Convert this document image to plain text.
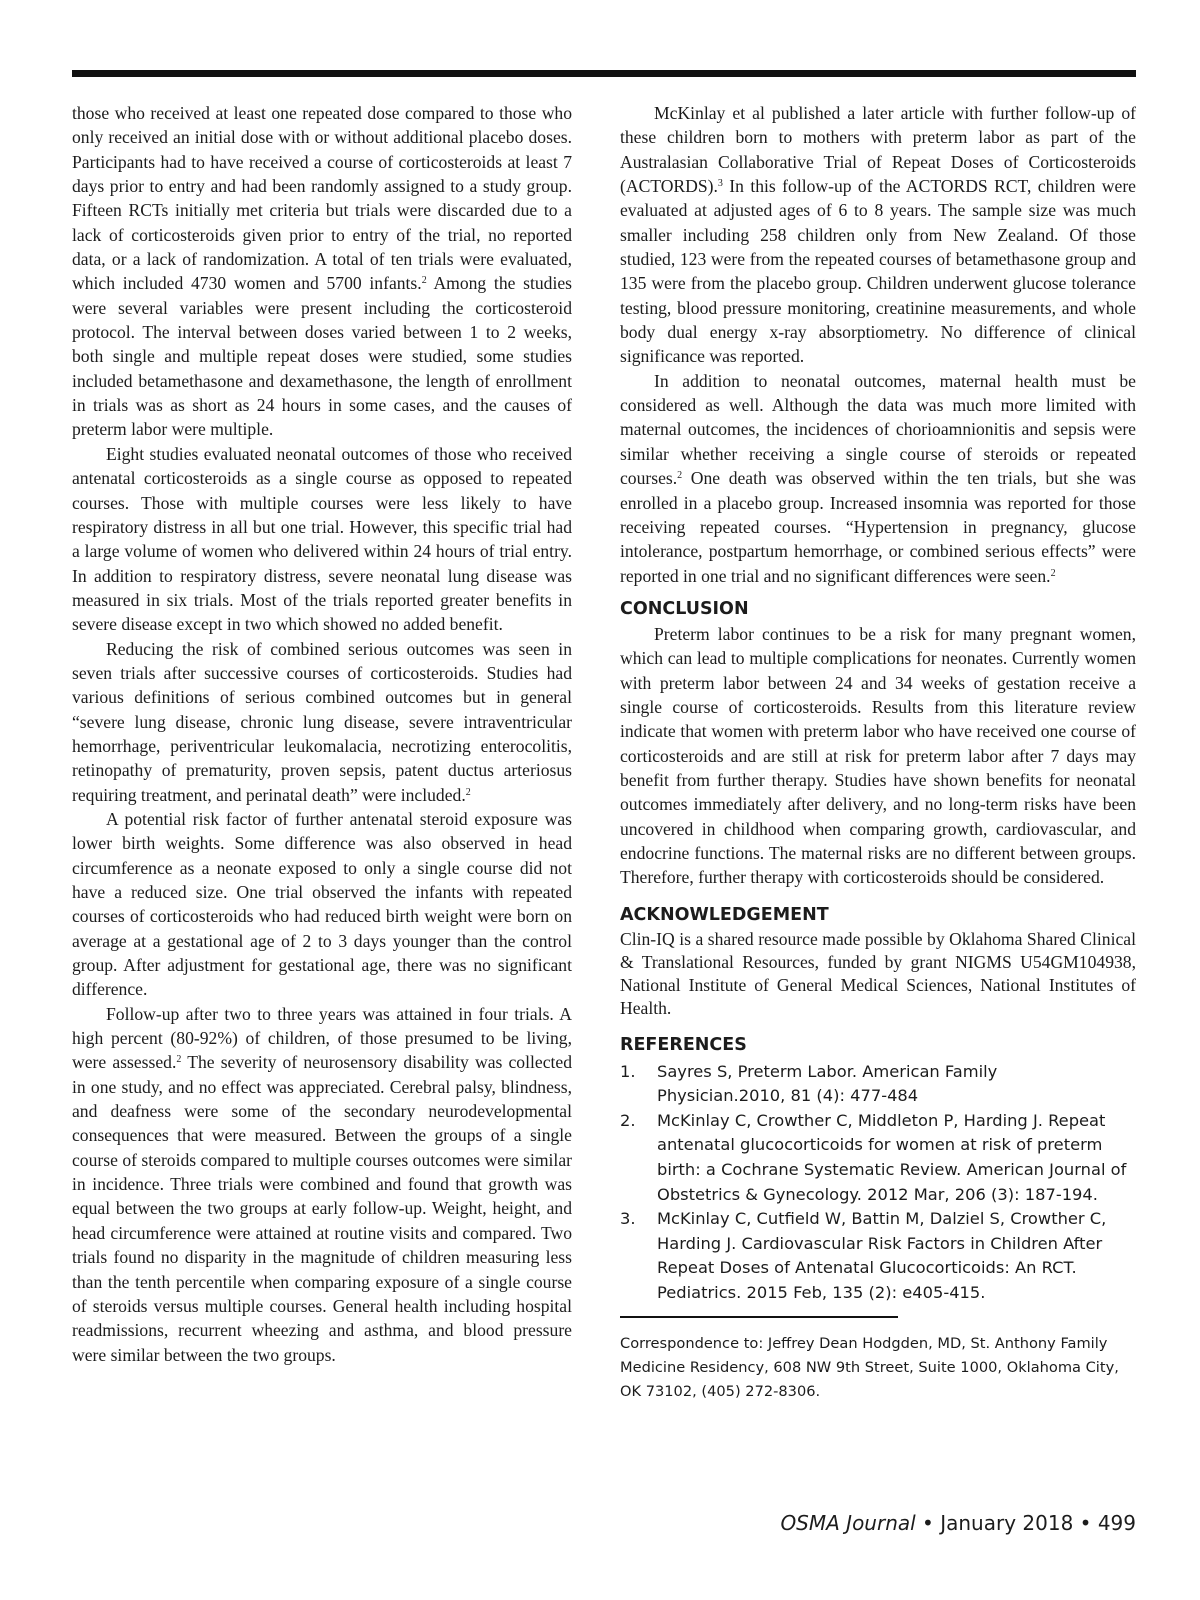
those who received at least one repeated dose compared to those who only received an initial dose with or without additional placebo doses. Participants had to have received a course of corticosteroids at least 7 days prior to entry and had been randomly assigned to a study group. Fifteen RCTs initially met criteria but trials were discarded due to a lack of corticosteroids given prior to entry of the trial, no reported data, or a lack of randomization. A total of ten trials were evaluated, which included 4730 women and 5700 infants.$^2$ Among the studies were several variables were present including the corticosteroid protocol. The interval between doses varied between 1 to 2 weeks, both single and multiple repeat doses were studied, some studies included betamethasone and dexamethasone, the length of enrollment in trials was as short as 24 hours in some cases, and the causes of preterm labor were multiple.

Eight studies evaluated neonatal outcomes of those who received antenatal corticosteroids as a single course as opposed to repeated courses. Those with multiple courses were less likely to have respiratory distress in all but one trial. However, this specific trial had a large volume of women who delivered within 24 hours of trial entry. In addition to respiratory distress, severe neonatal lung disease was measured in six trials. Most of the trials reported greater benefits in severe disease except in two which showed no added benefit.

Reducing the risk of combined serious outcomes was seen in seven trials after successive courses of corticosteroids. Studies had various definitions of serious combined outcomes but in general “severe lung disease, chronic lung disease, severe intraventricular hemorrhage, periventricular leukomalacia, necrotizing enterocolitis, retinopathy of prematurity, proven sepsis, patent ductus arteriosus requiring treatment, and perinatal death” were included.$^2$

A potential risk factor of further antenatal steroid exposure was lower birth weights. Some difference was also observed in head circumference as a neonate exposed to only a single course did not have a reduced size. One trial observed the infants with repeated courses of corticosteroids who had reduced birth weight were born on average at a gestational age of 2 to 3 days younger than the control group. After adjustment for gestational age, there was no significant difference.

Follow-up after two to three years was attained in four trials. A high percent (80-92%) of children, of those presumed to be living, were assessed.$^2$ The severity of neurosensory disability was collected in one study, and no effect was appreciated. Cerebral palsy, blindness, and deafness were some of the secondary neurodevelopmental consequences that were measured. Between the groups of a single course of steroids compared to multiple courses outcomes were similar in incidence. Three trials were combined and found that growth was equal between the two groups at early follow-up. Weight, height, and head circumference were attained at routine visits and compared. Two trials found no disparity in the magnitude of children measuring less than the tenth percentile when comparing exposure of a single course of steroids versus multiple courses. General health including hospital readmissions, recurrent wheezing and asthma, and blood pressure were similar between the two groups.

McKinlay et al published a later article with further follow-up of these children born to mothers with preterm labor as part of the Australasian Collaborative Trial of Repeat Doses of Corticosteroids (ACTORDS).$^3$ In this follow-up of the ACTORDS RCT, children were evaluated at adjusted ages of 6 to 8 years. The sample size was much smaller including 258 children only from New Zealand. Of those studied, 123 were from the repeated courses of betamethasone group and 135 were from the placebo group. Children underwent glucose tolerance testing, blood pressure monitoring, creatinine measurements, and whole body dual energy x-ray absorptiometry. No difference of clinical significance was reported.

In addition to neonatal outcomes, maternal health must be considered as well. Although the data was much more limited with maternal outcomes, the incidences of chorioamnionitis and sepsis were similar whether receiving a single course of steroids or repeated courses.$^2$ One death was observed within the ten trials, but she was enrolled in a placebo group. Increased insomnia was reported for those receiving repeated courses. “Hypertension in pregnancy, glucose intolerance, postpartum hemorrhage, or combined serious effects” were reported in one trial and no significant differences were seen.$^2$

CONCLUSION

Preterm labor continues to be a risk for many pregnant women, which can lead to multiple complications for neonates. Currently women with preterm labor between 24 and 34 weeks of gestation receive a single course of corticosteroids. Results from this literature review indicate that women with preterm labor who have received one course of corticosteroids and are still at risk for preterm labor after 7 days may benefit from further therapy. Studies have shown benefits for neonatal outcomes immediately after delivery, and no long-term risks have been uncovered in childhood when comparing growth, cardiovascular, and endocrine functions. The maternal risks are no different between groups. Therefore, further therapy with corticosteroids should be considered.

ACKNOWLEDGEMENT

Clin-IQ is a shared resource made possible by Oklahoma Shared Clinical & Translational Resources, funded by grant NIGMS U54GM104938, National Institute of General Medical Sciences, National Institutes of Health.

REFERENCES
1.	Sayres S, Preterm Labor. American Family Physician.2010, 81 (4): 477-484
2.	McKinlay C, Crowther C, Middleton P, Harding J. Repeat antenatal glucocorticoids for women at risk of preterm birth: a Cochrane Systematic Review. American Journal of Obstetrics & Gynecology. 2012 Mar, 206 (3): 187-194.
3.	McKinlay C, Cutfield W, Battin M, Dalziel S, Crowther C, Harding J. Cardiovascular Risk Factors in Children After Repeat Doses of Antenatal Glucocorticoids: An RCT. Pediatrics. 2015 Feb, 135 (2): e405-415.
Correspondence to: Jeffrey Dean Hodgden, MD, St. Anthony Family Medicine Residency, 608 NW 9th Street, Suite 1000, Oklahoma City, OK 73102, (405) 272-8306.
OSMA Journal • January 2018 • 499
